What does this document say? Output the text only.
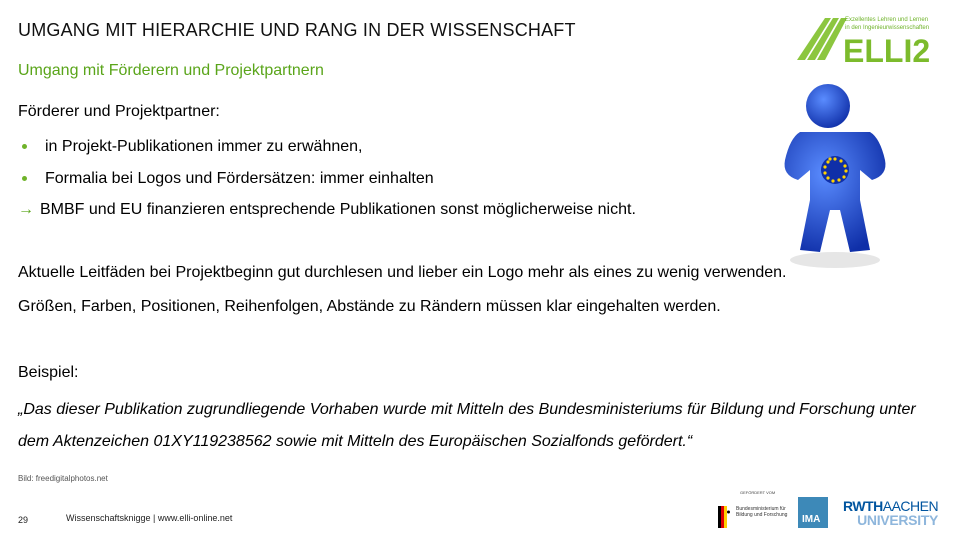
UMGANG MIT HIERARCHIE UND RANG IN DER WISSENSCHAFT
Umgang mit Förderern und Projektpartnern
Förderer und Projektpartner:
in Projekt-Publikationen immer zu erwähnen,
Formalia bei Logos und Fördersätzen: immer einhalten
→ BMBF und EU finanzieren entsprechende Publikationen sonst möglicherweise nicht.
Aktuelle Leitfäden bei Projektbeginn gut durchlesen und lieber ein Logo mehr als eines zu wenig verwenden.
Größen, Farben, Positionen, Reihenfolgen, Abstände zu Rändern müssen klar eingehalten werden.
Beispiel:
„Das dieser Publikation zugrundliegende Vorhaben wurde mit Mitteln des Bundesministeriums für Bildung und Forschung unter dem Aktenzeichen 01XY119238562 sowie mit Mitteln des Europäischen Sozialfonds gefördert.“
Bild: freedigitalphotos.net
29	Wissenschaftsknigge | www.elli-online.net
Exzellentes Lehren und Lernen
in den Ingenieurwissenschaften
ELLI2
GEFÖRDERT VOM
Bundesministerium für Bildung und Forschung IMA
RWTHAACHEN
UNIVERSITY
